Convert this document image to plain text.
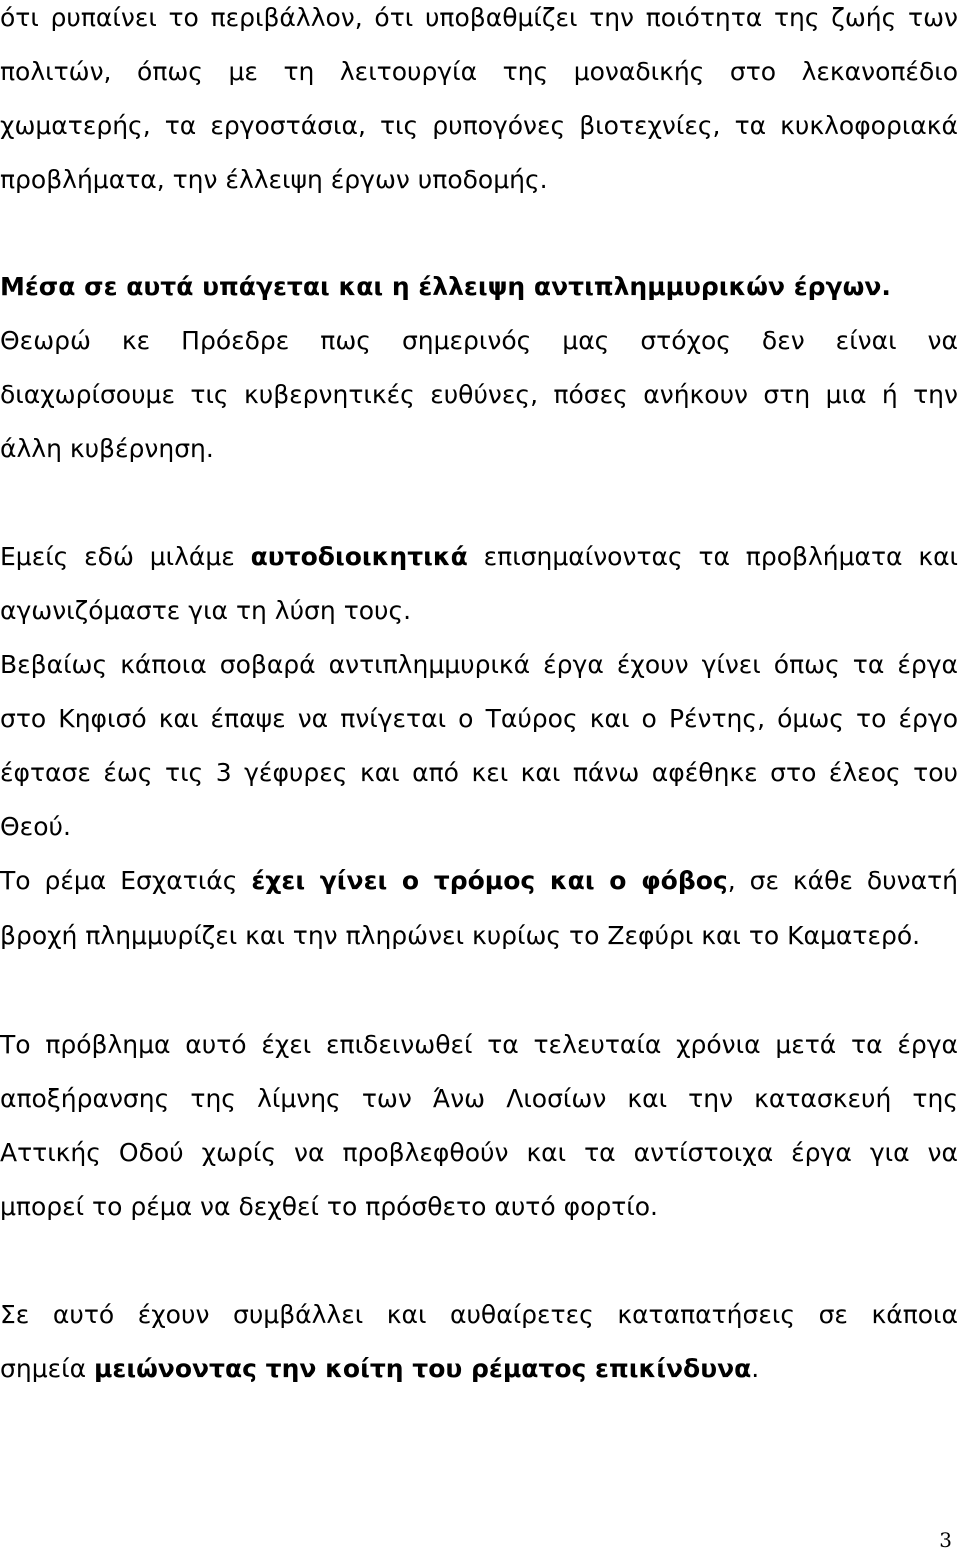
ότι ρυπαίνει το περιβάλλον, ότι υποβαθμίζει την ποιότητα της ζωής των
πολιτών, όπως με τη λειτουργία της μοναδικής στο λεκανοπέδιο
χωματερής, τα εργοστάσια, τις ρυπογόνες βιοτεχνίες, τα κυκλοφοριακά
προβλήματα, την έλλειψη έργων υποδομής.
Μέσα σε αυτά υπάγεται και η έλλειψη αντιπλημμυρικών έργων.
Θεωρώ κε Πρόεδρε πως σημερινός μας στόχος δεν είναι να
διαχωρίσουμε τις κυβερνητικές ευθύνες, πόσες ανήκουν στη μια ή την
άλλη κυβέρνηση.
Εμείς εδώ μιλάμε αυτοδιοικητικά επισημαίνοντας τα προβλήματα και
αγωνιζόμαστε για τη λύση τους.
Βεβαίως κάποια σοβαρά αντιπλημμυρικά έργα έχουν γίνει όπως τα έργα
στο Κηφισό και έπαψε να πνίγεται ο Ταύρος και ο Ρέντης, όμως το έργο
έφτασε έως τις 3 γέφυρες και από κει και πάνω αφέθηκε στο έλεος του
Θεού.
Το ρέμα Εσχατιάς έχει γίνει ο τρόμος και ο φόβος, σε κάθε δυνατή
βροχή πλημμυρίζει και την πληρώνει κυρίως το Ζεφύρι και το Καματερό.
Το πρόβλημα αυτό έχει επιδεινωθεί τα τελευταία χρόνια μετά τα έργα
αποξήρανσης της λίμνης των Άνω Λιοσίων και την κατασκευή της
Αττικής Οδού χωρίς να προβλεφθούν και τα αντίστοιχα έργα για να
μπορεί το ρέμα να δεχθεί το πρόσθετο αυτό φορτίο.
Σε αυτό έχουν συμβάλλει και αυθαίρετες καταπατήσεις σε κάποια
σημεία μειώνοντας την κοίτη του ρέματος επικίνδυνα.
3
